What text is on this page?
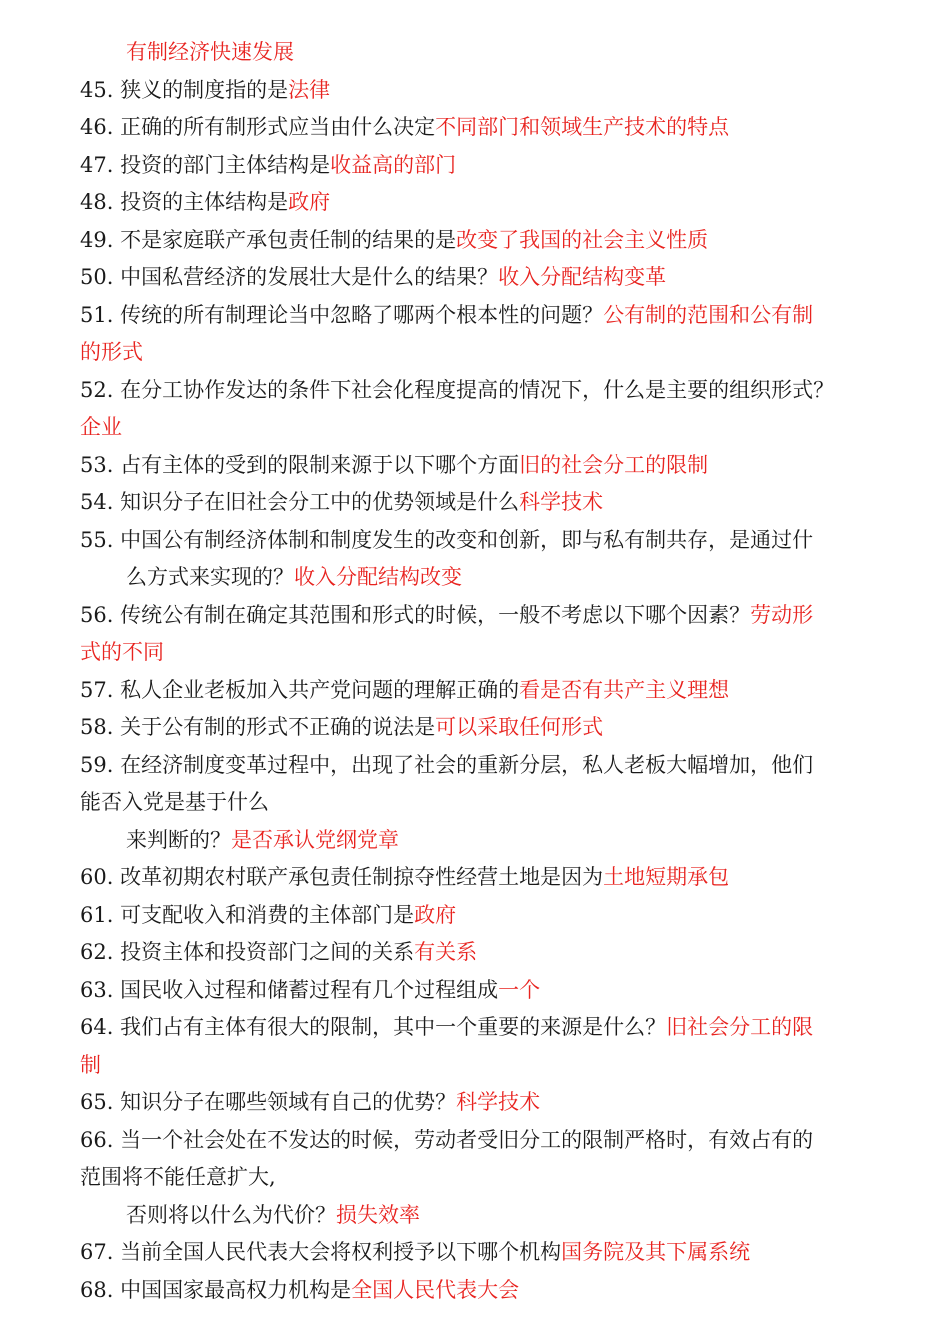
有制经济快速发展
45. 狭义的制度指的是法律
46. 正确的所有制形式应当由什么决定不同部门和领域生产技术的特点
47. 投资的部门主体结构是收益高的部门
48. 投资的主体结构是政府
49. 不是家庭联产承包责任制的结果的是改变了我国的社会主义性质
50. 中国私营经济的发展壮大是什么的结果？收入分配结构变革
51. 传统的所有制理论当中忽略了哪两个根本性的问题？公有制的范围和公有制
的形式
52. 在分工协作发达的条件下社会化程度提高的情况下，什么是主要的组织形式？
企业
53. 占有主体的受到的限制来源于以下哪个方面旧的社会分工的限制
54. 知识分子在旧社会分工中的优势领域是什么科学技术
55. 中国公有制经济体制和制度发生的改变和创新，即与私有制共存，是通过什
么方式来实现的？收入分配结构改变
56. 传统公有制在确定其范围和形式的时候，一般不考虑以下哪个因素？劳动形
式的不同
57. 私人企业老板加入共产党问题的理解正确的看是否有共产主义理想
58. 关于公有制的形式不正确的说法是可以采取任何形式
59. 在经济制度变革过程中，出现了社会的重新分层，私人老板大幅增加，他们
能否入党是基于什么
来判断的？是否承认党纲党章
60. 改革初期农村联产承包责任制掠夺性经营土地是因为土地短期承包
61. 可支配收入和消费的主体部门是政府
62. 投资主体和投资部门之间的关系有关系
63. 国民收入过程和储蓄过程有几个过程组成一个
64. 我们占有主体有很大的限制，其中一个重要的来源是什么？旧社会分工的限
制
65. 知识分子在哪些领域有自己的优势？科学技术
66. 当一个社会处在不发达的时候，劳动者受旧分工的限制严格时，有效占有的
范围将不能任意扩大,
否则将以什么为代价？损失效率
67. 当前全国人民代表大会将权利授予以下哪个机构国务院及其下属系统
68. 中国国家最高权力机构是全国人民代表大会
